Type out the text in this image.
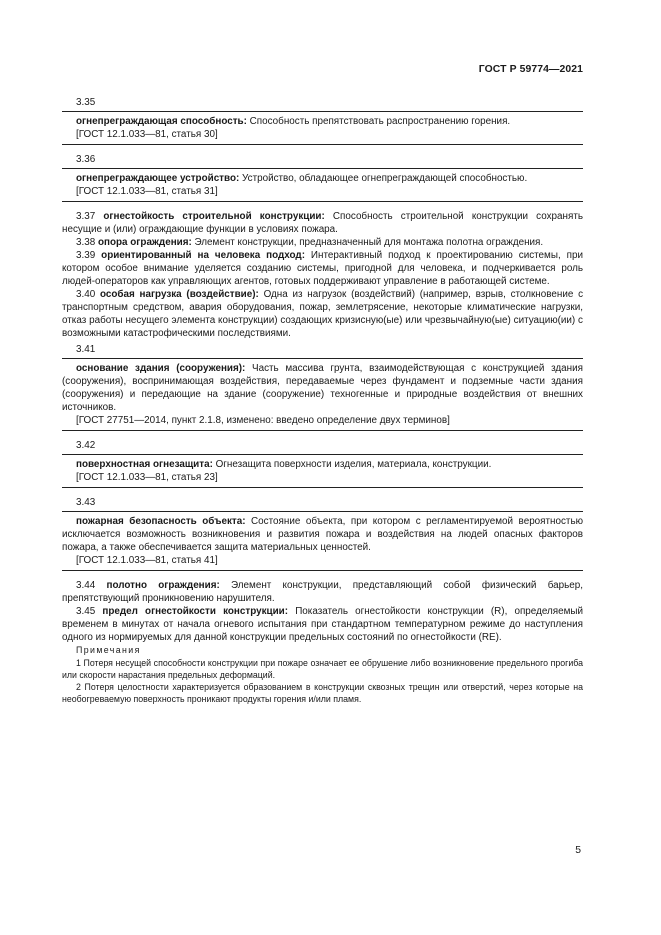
ГОСТ Р 59774—2021
3.35

огнепреграждающая способность: Способность препятствовать распространению горения.

[ГОСТ 12.1.033—81, статья 30]

3.36

огнепреграждающее устройство: Устройство, обладающее огнепреграждающей способностью.

[ГОСТ 12.1.033—81, статья 31]

3.37 огнестойкость строительной конструкции: Способность строительной конструкции сохранять несущие и (или) ограждающие функции в условиях пожара.

3.38 опора ограждения: Элемент конструкции, предназначенный для монтажа полотна ограждения.

3.39 ориентированный на человека подход: Интерактивный подход к проектированию системы, при котором особое внимание уделяется созданию системы, пригодной для человека, и подчеркивается роль людей-операторов как управляющих агентов, готовых поддерживают управление в работающей системе.

3.40 особая нагрузка (воздействие): Одна из нагрузок (воздействий) (например, взрыв, столкновение с транспортным средством, авария оборудования, пожар, землетрясение, некоторые климатические нагрузки, отказ работы несущего элемента конструкции) создающих кризисную(ые) или чрезвычайную(ые) ситуацию(ии) с возможными катастрофическими последствиями.

3.41

основание здания (сооружения): Часть массива грунта, взаимодействующая с конструкцией здания (сооружения), воспринимающая воздействия, передаваемые через фундамент и подземные части здания (сооружения) и передающие на здание (сооружение) техногенные и природные воздействия от внешних источников.

[ГОСТ 27751—2014, пункт 2.1.8, изменено: введено определение двух терминов]

3.42

поверхностная огнезащита: Огнезащита поверхности изделия, материала, конструкции.

[ГОСТ 12.1.033—81, статья 23]

3.43

пожарная безопасность объекта: Состояние объекта, при котором с регламентируемой вероятностью исключается возможность возникновения и развития пожара и воздействия на людей опасных факторов пожара, а также обеспечивается защита материальных ценностей.

[ГОСТ 12.1.033—81, статья 41]

3.44 полотно ограждения: Элемент конструкции, представляющий собой физический барьер, препятствующий проникновению нарушителя.

3.45 предел огнестойкости конструкции: Показатель огнестойкости конструкции (R), определяемый временем в минутах от начала огневого испытания при стандартном температурном режиме до наступления одного из нормируемых для данной конструкции предельных состояний по огнестойкости (RE).

Примечания

1 Потеря несущей способности конструкции при пожаре означает ее обрушение либо возникновение предельного прогиба или скорости нарастания предельных деформаций.

2 Потеря целостности характеризуется образованием в конструкции сквозных трещин или отверстий, через которые на необогреваемую поверхность проникают продукты горения и/или пламя.

5
